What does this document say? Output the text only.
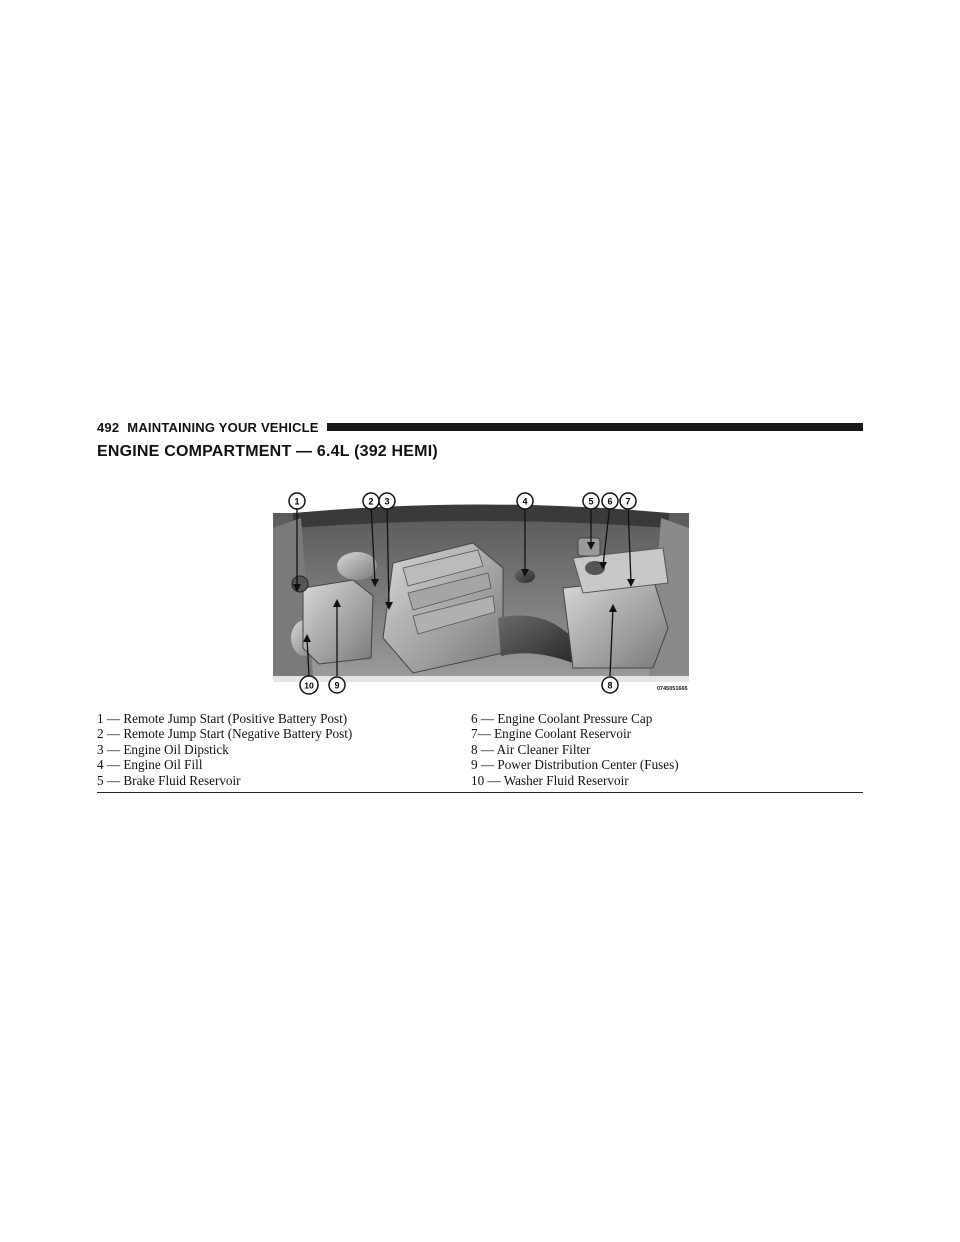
492 MAINTAINING YOUR VEHICLE
ENGINE COMPARTMENT — 6.4L (392 HEMI)
1	2 3	4	5 6 7
8
9
10	0745051665
1 — Remote Jump Start (Positive Battery Post)
2 — Remote Jump Start (Negative Battery Post)
3 — Engine Oil Dipstick
4 — Engine Oil Fill
5 — Brake Fluid Reservoir
6 — Engine Coolant Pressure Cap
7— Engine Coolant Reservoir
8 — Air Cleaner Filter
9 — Power Distribution Center (Fuses)
10 — Washer Fluid Reservoir
